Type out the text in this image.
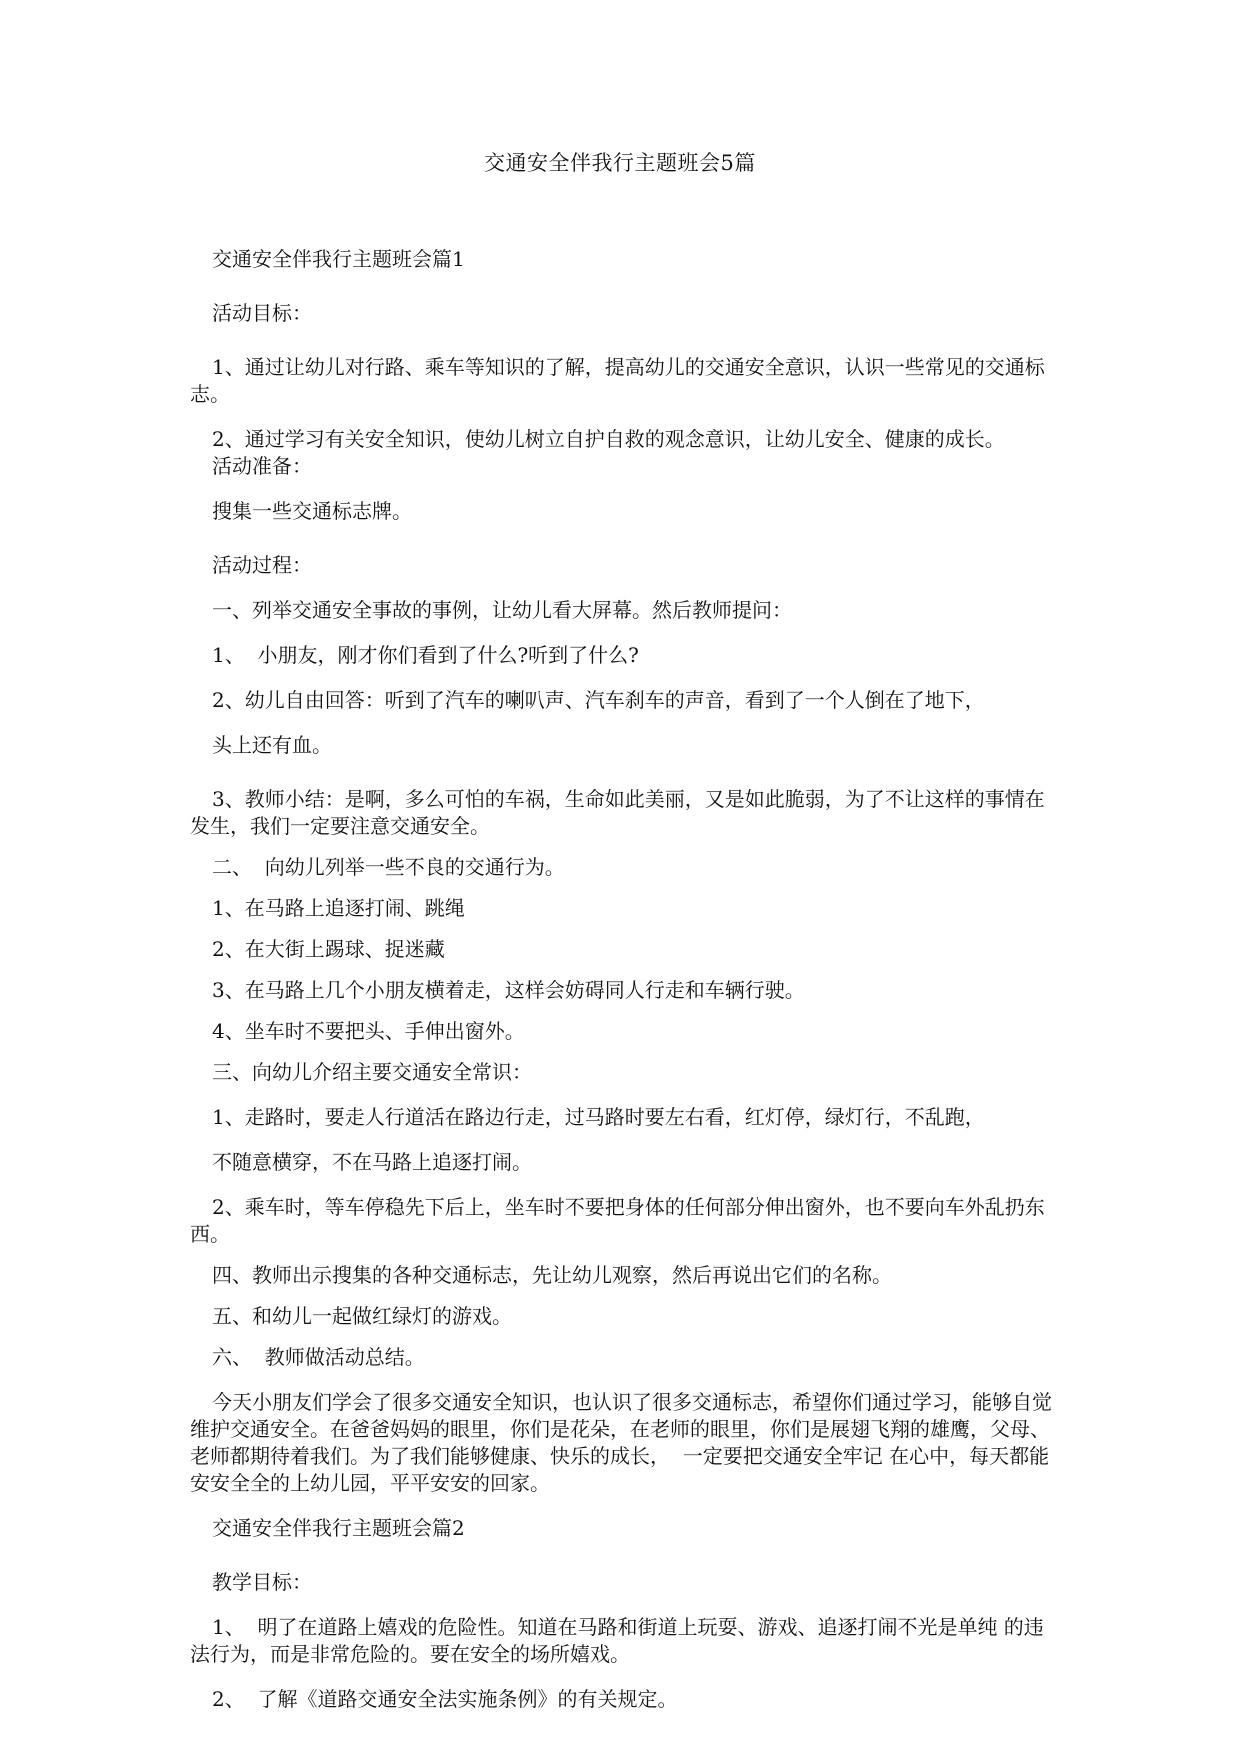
交通安全伴我行主题班会5篇

交通安全伴我行主题班会篇1

活动目标：

1、通过让幼儿对行路、乘车等知识的了解，提高幼儿的交通安全意识，认识一些常见的交通标志。

2、通过学习有关安全知识，使幼儿树立自护自救的观念意识，让幼儿安全、健康的成长。

活动准备：

搜集一些交通标志牌。

活动过程：

一、列举交通安全事故的事例，让幼儿看大屏幕。然后教师提问：

1、  小朋友，刚才你们看到了什么?听到了什么?

2、幼儿自由回答：听到了汽车的喇叭声、汽车刹车的声音，看到了一个人倒在了地下，

头上还有血。

3、教师小结：是啊，多么可怕的车祸，生命如此美丽，又是如此脆弱，为了不让这样的事情在发生，我们一定要注意交通安全。

二、  向幼儿列举一些不良的交通行为。

1、在马路上追逐打闹、跳绳

2、在大街上踢球、捉迷藏

3、在马路上几个小朋友横着走，这样会妨碍同人行走和车辆行驶。

4、坐车时不要把头、手伸出窗外。

三、向幼儿介绍主要交通安全常识：

1、走路时，要走人行道活在路边行走，过马路时要左右看，红灯停，绿灯行，不乱跑，

不随意横穿，不在马路上追逐打闹。

2、乘车时，等车停稳先下后上，坐车时不要把身体的任何部分伸出窗外，也不要向车外乱扔东西。

四、教师出示搜集的各种交通标志，先让幼儿观察，然后再说出它们的名称。

五、和幼儿一起做红绿灯的游戏。

六、  教师做活动总结。

今天小朋友们学会了很多交通安全知识，也认识了很多交通标志，希望你们通过学习，能够自觉维护交通安全。在爸爸妈妈的眼里，你们是花朵，在老师的眼里，你们是展翅飞翔的雄鹰，父母、老师都期待着我们。为了我们能够健康、快乐的成长，  一定要把交通安全牢记 在心中，每天都能安安全全的上幼儿园，平平安安的回家。

交通安全伴我行主题班会篇2

教学目标：

1、  明了在道路上嬉戏的危险性。知道在马路和街道上玩耍、游戏、追逐打闹不光是单纯 的违法行为，而是非常危险的。要在安全的场所嬉戏。

2、  了解《道路交通安全法实施条例》的有关规定。
